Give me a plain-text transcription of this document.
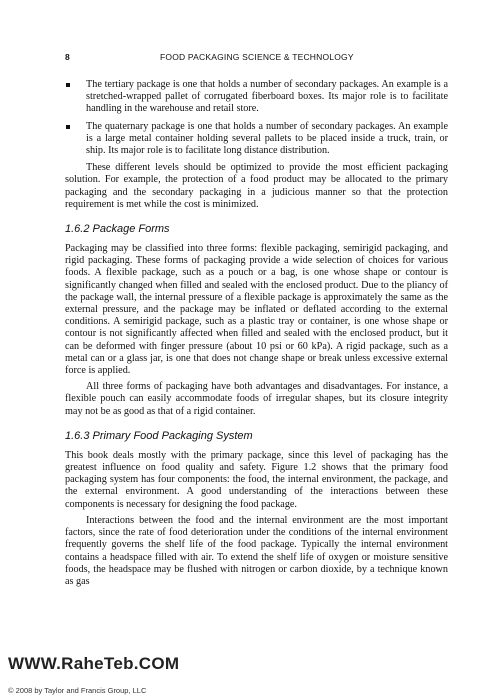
8	FOOD PACKAGING SCIENCE & TECHNOLOGY
The tertiary package is one that holds a number of secondary packages. An example is a stretched-wrapped pallet of corrugated fiberboard boxes. Its major role is to facilitate handling in the warehouse and retail store.
The quaternary package is one that holds a number of secondary packages. An example is a large metal container holding several pallets to be placed inside a truck, train, or ship. Its major role is to facilitate long distance distribution.

These different levels should be optimized to provide the most efficient packaging solution. For example, the protection of a food product may be allocated to the primary packaging and the secondary packaging in a judicious manner so that the protection requirement is met while the cost is minimized.

1.6.2 Package Forms

Packaging may be classified into three forms: flexible packaging, semirigid packaging, and rigid packaging. These forms of packaging provide a wide selection of choices for various foods. A flexible package, such as a pouch or a bag, is one whose shape or contour is significantly changed when filled and sealed with the enclosed product. Due to the pliancy of the package wall, the internal pressure of a flexible package is approximately the same as the external pressure, and the package may be inflated or deflated according to the external conditions. A semirigid package, such as a plastic tray or container, is one whose shape or contour is not significantly affected when filled and sealed with the enclosed product, but it can be deformed with finger pressure (about 10 psi or 60 kPa). A rigid package, such as a metal can or a glass jar, is one that does not change shape or break unless excessive external force is applied.

All three forms of packaging have both advantages and disadvantages. For instance, a flexible pouch can easily accommodate foods of irregular shapes, but its closure integrity may not be as good as that of a rigid container.

1.6.3 Primary Food Packaging System

This book deals mostly with the primary package, since this level of packaging has the greatest influence on food quality and safety. Figure 1.2 shows that the primary food packaging system has four components: the food, the internal environment, the package, and the external environment. A good understanding of the interactions between these components is necessary for designing the food package.

Interactions between the food and the internal environment are the most important factors, since the rate of food deterioration under the conditions of the internal environment frequently governs the shelf life of the food package. Typically the internal environment contains a headspace filled with air. To extend the shelf life of oxygen or moisture sensitive foods, the headspace may be flushed with nitrogen or carbon dioxide, by a technique known as gas

WWW.RaheTeb.COM
© 2008 by Taylor and Francis Group, LLC
